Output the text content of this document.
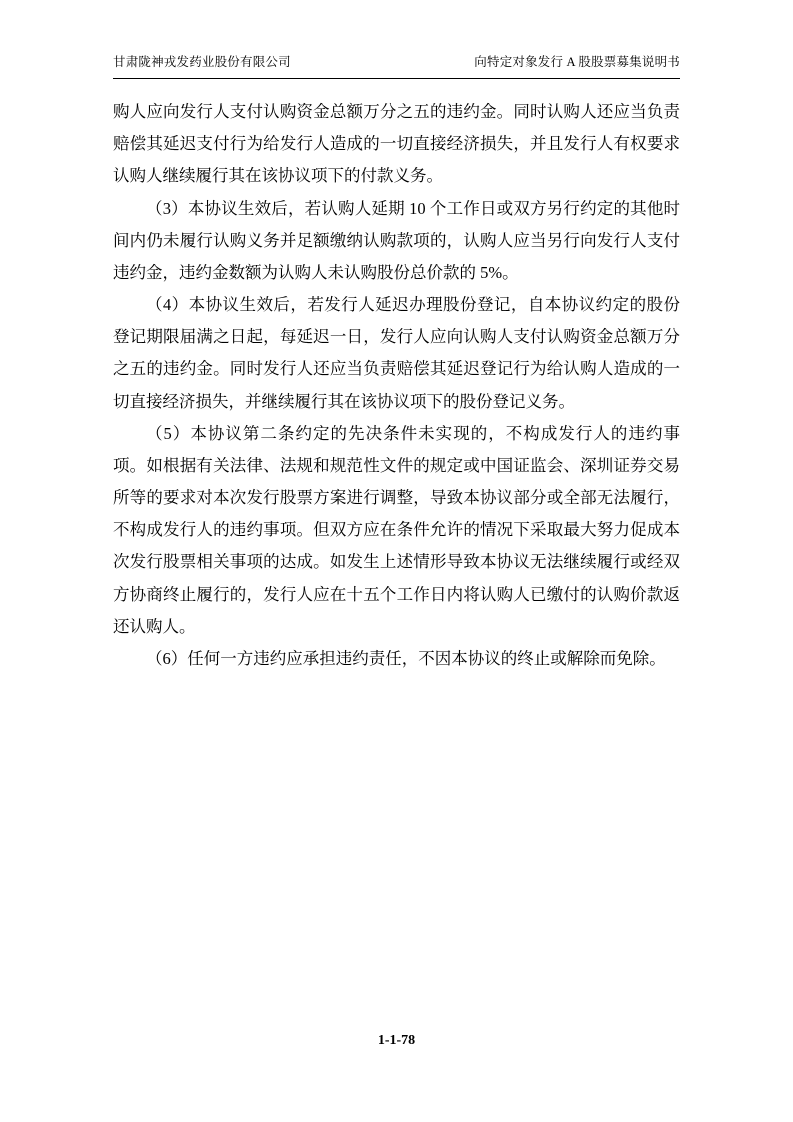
甘肃陇神戎发药业股份有限公司	向特定对象发行 A 股股票募集说明书

购人应向发行人支付认购资金总额万分之五的违约金。同时认购人还应当负责赔偿其延迟支付行为给发行人造成的一切直接经济损失，并且发行人有权要求认购人继续履行其在该协议项下的付款义务。

（3）本协议生效后，若认购人延期 10 个工作日或双方另行约定的其他时间内仍未履行认购义务并足额缴纳认购款项的，认购人应当另行向发行人支付违约金，违约金数额为认购人未认购股份总价款的 5%。

（4）本协议生效后，若发行人延迟办理股份登记，自本协议约定的股份登记期限届满之日起，每延迟一日，发行人应向认购人支付认购资金总额万分之五的违约金。同时发行人还应当负责赔偿其延迟登记行为给认购人造成的一切直接经济损失，并继续履行其在该协议项下的股份登记义务。

（5）本协议第二条约定的先决条件未实现的，不构成发行人的违约事项。如根据有关法律、法规和规范性文件的规定或中国证监会、深圳证券交易所等的要求对本次发行股票方案进行调整，导致本协议部分或全部无法履行，不构成发行人的违约事项。但双方应在条件允许的情况下采取最大努力促成本次发行股票相关事项的达成。如发生上述情形导致本协议无法继续履行或经双方协商终止履行的，发行人应在十五个工作日内将认购人已缴付的认购价款返还认购人。

（6）任何一方违约应承担违约责任，不因本协议的终止或解除而免除。

1-1-78
